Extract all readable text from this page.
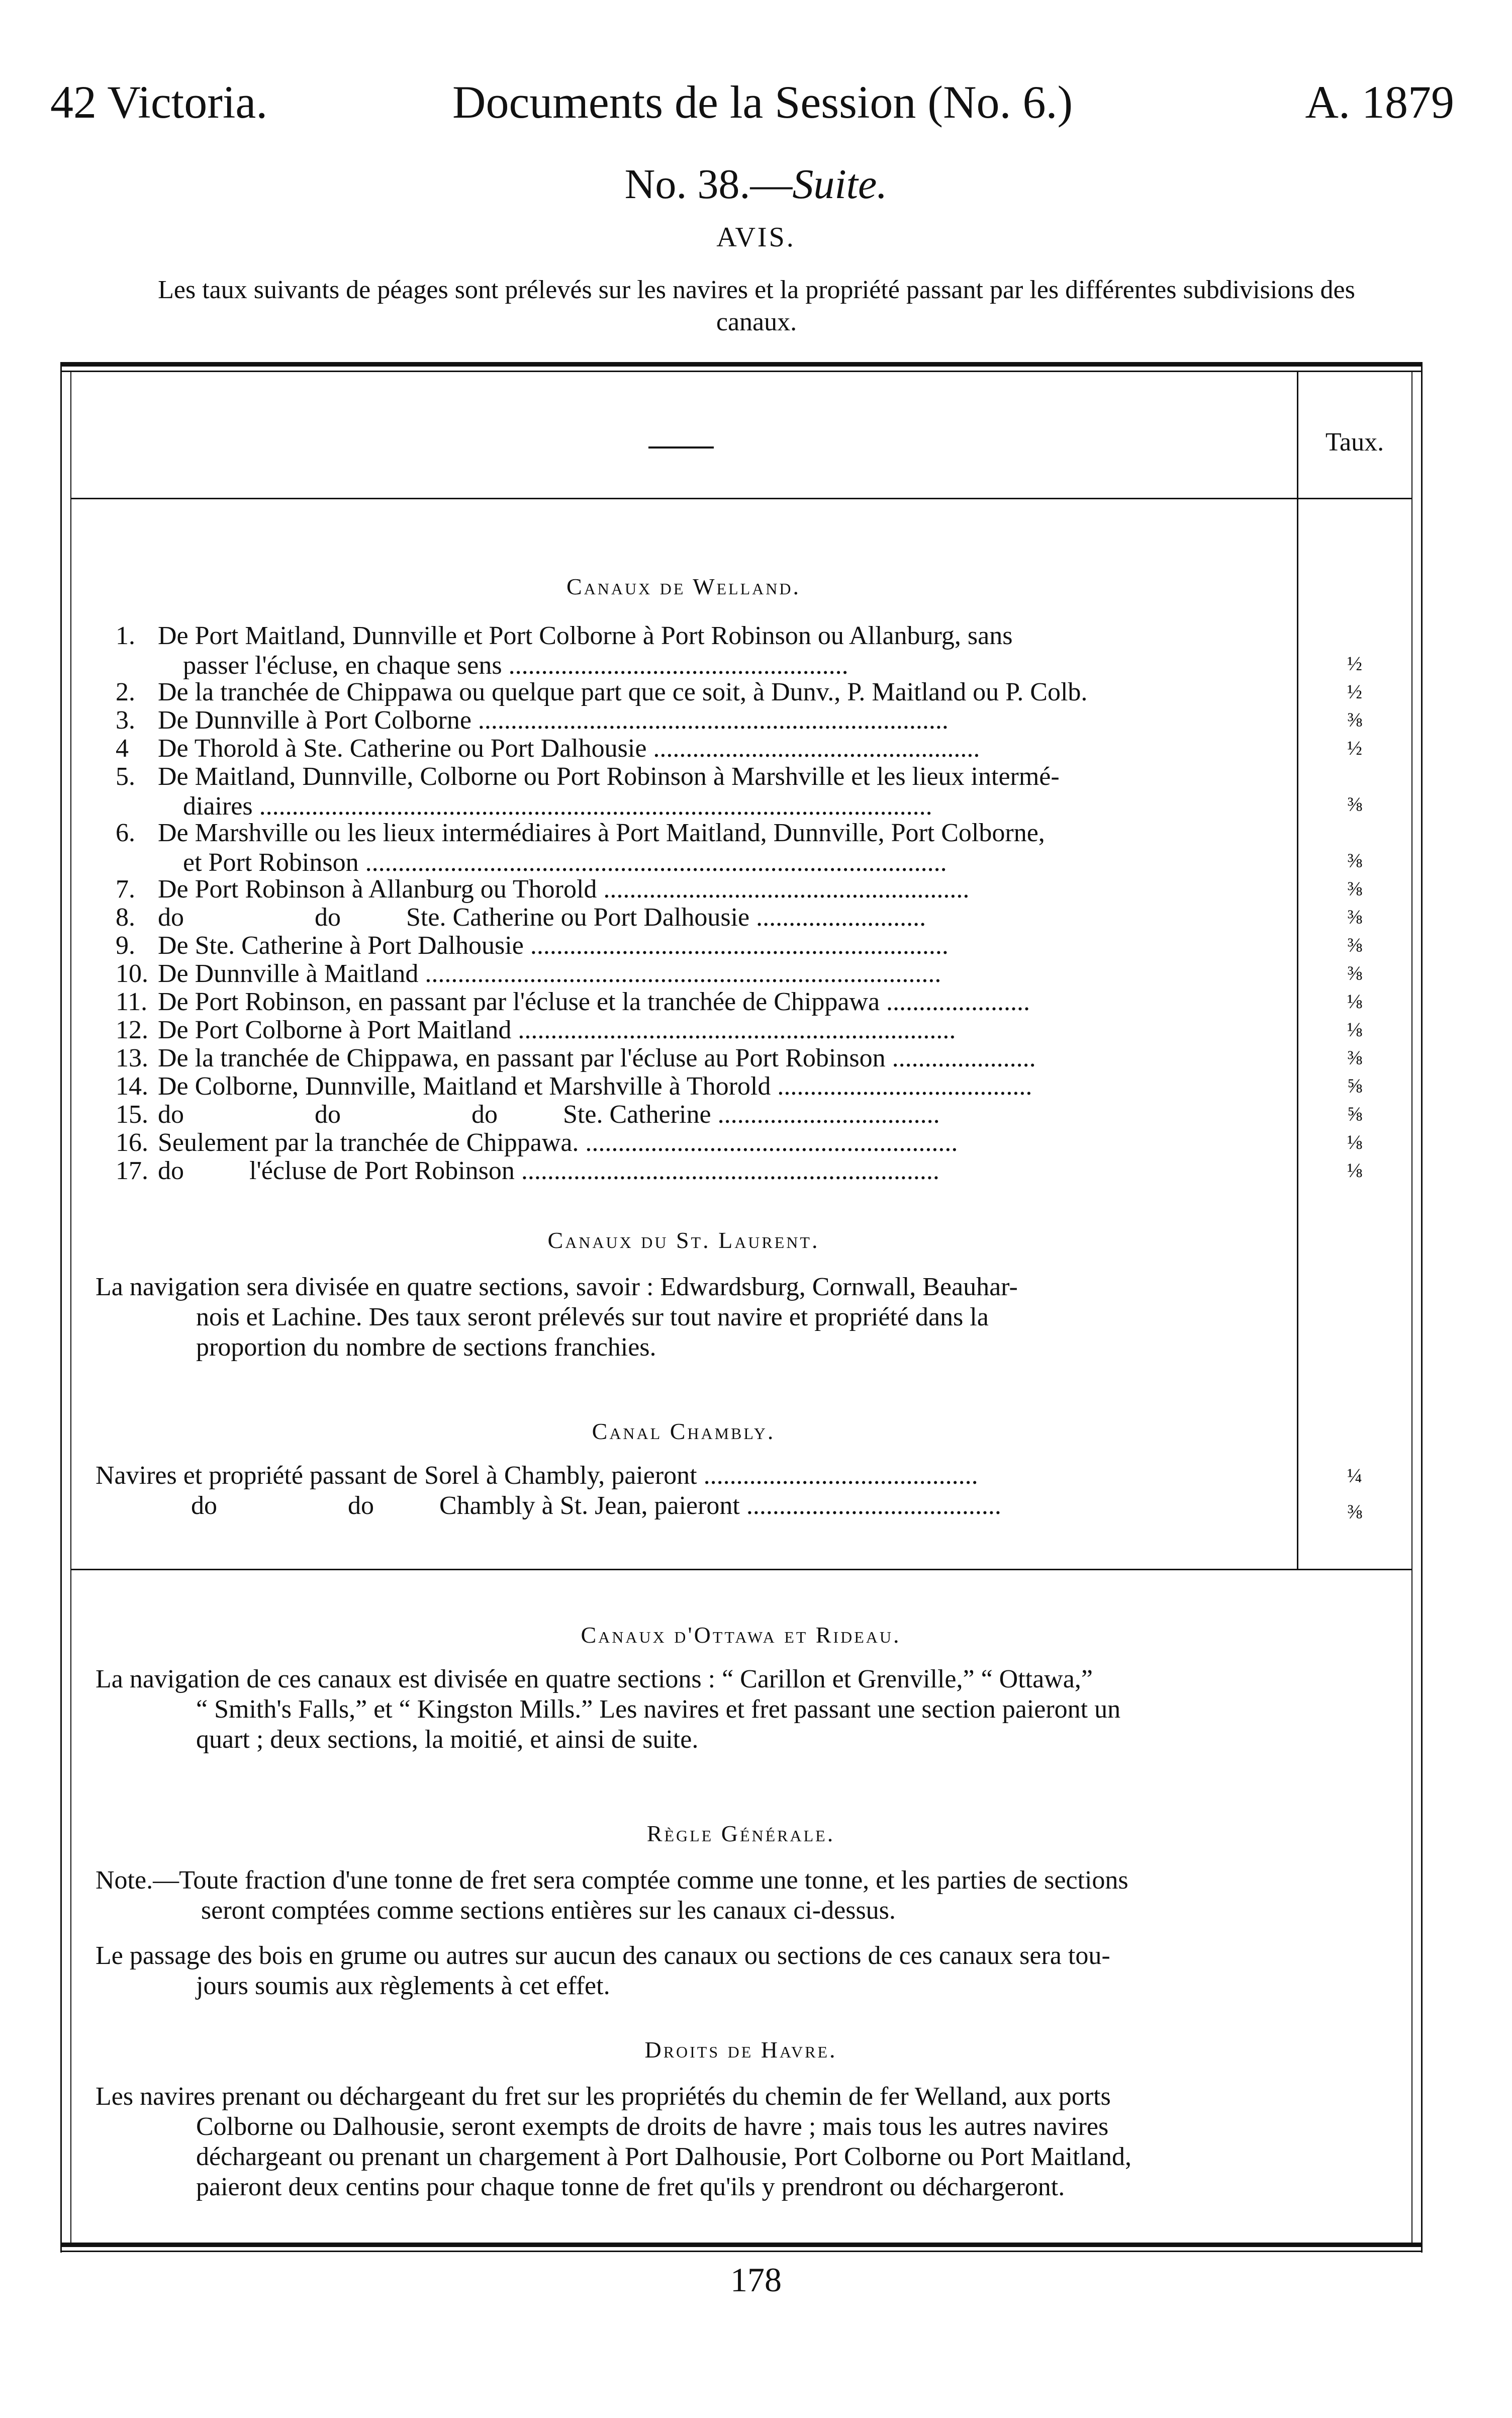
42 Victoria.	Documents de la Session (No. 6.)	A. 1879
No. 38.—Suite.
AVIS.
Les taux suivants de péages sont prélevés sur les navires et la propriété passant par les différentes subdivisions des canaux.
Taux.
Canaux de Welland.
1. De Port Maitland, Dunnville et Port Colborne à Port Robinson ou Allanburg, sans
passer l'écluse, en chaque sens ....................................................
2. De la tranchée de Chippawa ou quelque part que ce soit, à Dunv., P. Maitland ou P. Colb.
3. De Dunnville à Port Colborne ........................................................................
4 De Thorold à Ste. Catherine ou Port Dalhousie ..................................................
5. De Maitland, Dunnville, Colborne ou Port Robinson à Marshville et les lieux intermé-
diaires .......................................................................................................
6. De Marshville ou les lieux intermédiaires à Port Maitland, Dunnville, Port Colborne,
et Port Robinson .........................................................................................
7. De Port Robinson à Allanburg ou Thorold ........................................................
8. do                    do          Ste. Catherine ou Port Dalhousie ..........................
9. De Ste. Catherine à Port Dalhousie ................................................................
10. De Dunnville à Maitland ...............................................................................
11. De Port Robinson, en passant par l'écluse et la tranchée de Chippawa ......................
12. De Port Colborne à Port Maitland ...................................................................
13. De la tranchée de Chippawa, en passant par l'écluse au Port Robinson ......................
14. De Colborne, Dunnville, Maitland et Marshville à Thorold .......................................
15. do                    do                    do          Ste. Catherine ..................................
16. Seulement par la tranchée de Chippawa. .........................................................
17. do          l'écluse de Port Robinson ................................................................
½
½
⅜
½
⅜
⅜
⅜
⅜
⅜
⅜
⅛
⅛
⅜
⅝
⅝
⅛
⅛
Canaux du St. Laurent.
La navigation sera divisée en quatre sections, savoir : Edwardsburg, Cornwall, Beauhar-
nois et Lachine. Des taux seront prélevés sur tout navire et propriété dans la
proportion du nombre de sections franchies.
Canal Chambly.
Navires et propriété passant de Sorel à Chambly, paieront ..........................................
do                    do          Chambly à St. Jean, paieront .......................................
¼
⅜
Canaux d'Ottawa et Rideau.
La navigation de ces canaux est divisée en quatre sections : “ Carillon et Grenville,” “ Ottawa,”
“ Smith's Falls,” et “ Kingston Mills.” Les navires et fret passant une section paieront un
quart ; deux sections, la moitié, et ainsi de suite.
Règle Générale.
Note.—Toute fraction d'une tonne de fret sera comptée comme une tonne, et les parties de sections
seront comptées comme sections entières sur les canaux ci-dessus.
Le passage des bois en grume ou autres sur aucun des canaux ou sections de ces canaux sera tou-
jours soumis aux règlements à cet effet.
Droits de Havre.
Les navires prenant ou déchargeant du fret sur les propriétés du chemin de fer Welland, aux ports
Colborne ou Dalhousie, seront exempts de droits de havre ; mais tous les autres navires
déchargeant ou prenant un chargement à Port Dalhousie, Port Colborne ou Port Maitland,
paieront deux centins pour chaque tonne de fret qu'ils y prendront ou déchargeront.
178
